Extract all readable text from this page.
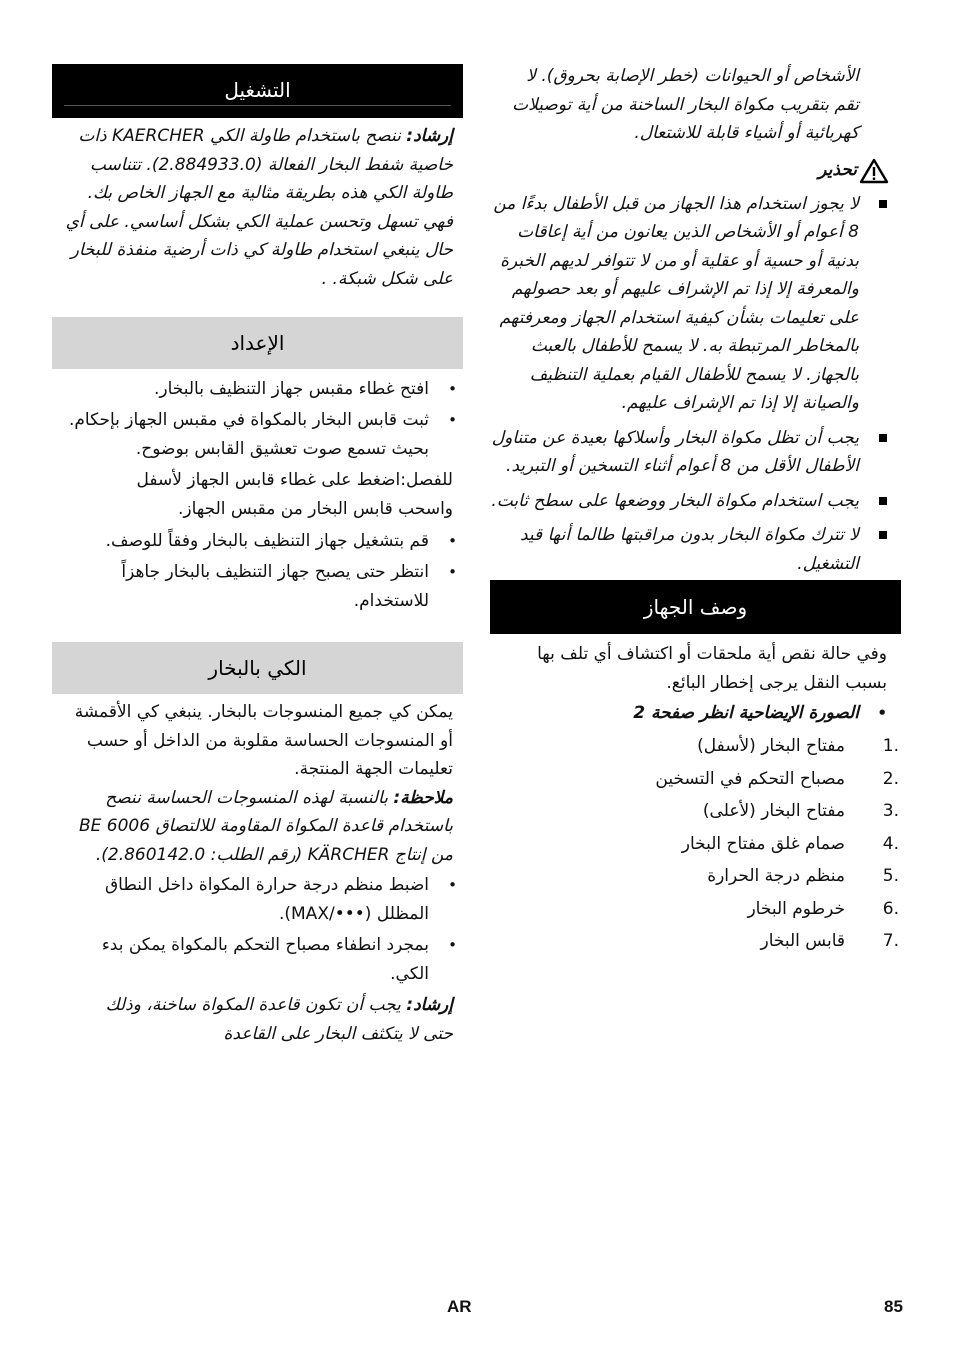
الأشخاص أو الحيوانات (خطر الإصابة بحروق). لا تقم بتقريب مكواة البخار الساخنة من أية توصيلات كهربائية أو أشياء قابلة للاشتعال.

تحذير
لا يجوز استخدام هذا الجهاز من قبل الأطفال بدءًا من 8 أعوام أو الأشخاص الذين يعانون من أية إعاقات بدنية أو حسية أو عقلية أو من لا تتوافر لديهم الخبرة والمعرفة إلا إذا تم الإشراف عليهم أو بعد حصولهم على تعليمات بشأن كيفية استخدام الجهاز ومعرفتهم بالمخاطر المرتبطة به. لا يسمح للأطفال بالعبث بالجهاز. لا يسمح للأطفال القيام بعملية التنظيف والصيانة إلا إذا تم الإشراف عليهم.
يجب أن تظل مكواة البخار وأسلاكها بعيدة عن متناول الأطفال الأقل من 8 أعوام أثناء التسخين أو التبريد.
يجب استخدام مكواة البخار ووضعها على سطح ثابت.
لا تترك مكواة البخار بدون مراقبتها طالما أنها قيد التشغيل.
وصف الجهاز

وفي حالة نقص أية ملحقات أو اكتشاف أي تلف بها بسبب النقل يرجى إخطار البائع.

• الصورة الإيضاحية انظر صفحة 2
1.
مفتاح البخار (لأسفل)
2.
مصباح التحكم في التسخين
3.
مفتاح البخار (لأعلى)
4.
صمام غلق مفتاح البخار
5.
منظم درجة الحرارة
6.
خرطوم البخار
7.
قابس البخار
التشغيل

إرشاد: ننصح باستخدام طاولة الكي KAERCHER ذات خاصية شفط البخار الفعالة (2.884933.0). تتناسب طاولة الكي هذه بطريقة مثالية مع الجهاز الخاص بك. فهي تسهل وتحسن عملية الكي بشكل أساسي. على أي حال ينبغي استخدام طاولة كي ذات أرضية منفذة للبخار على شكل شبكة. .

الإعداد
• افتح غطاء مقبس جهاز التنظيف بالبخار.
• ثبت قابس البخار بالمكواة في مقبس الجهاز بإحكام. بحيث تسمع صوت تعشيق القابس بوضوح.

للفصل:اضغط على غطاء قابس الجهاز لأسفل واسحب قابس البخار من مقبس الجهاز.

• قم بتشغيل جهاز التنظيف بالبخار وفقاً للوصف.
• انتظر حتى يصبح جهاز التنظيف بالبخار جاهزاً للاستخدام.
الكي بالبخار

يمكن كي جميع المنسوجات بالبخار. ينبغي كي الأقمشة أو المنسوجات الحساسة مقلوبة من الداخل أو حسب تعليمات الجهة المنتجة.

ملاحظة: بالنسبة لهذه المنسوجات الحساسة ننصح باستخدام قاعدة المكواة المقاومة للالتصاق BE 6006 من إنتاج KÄRCHER (رقم الطلب: 2.860142.0).

• اضبط منظم درجة حرارة المكواة داخل النطاق المظلل (•••/MAX).
• بمجرد انطفاء مصباح التحكم بالمكواة يمكن بدء الكي.

إرشاد: يجب أن تكون قاعدة المكواة ساخنة، وذلك حتى لا يتكثف البخار على القاعدة

AR	85
